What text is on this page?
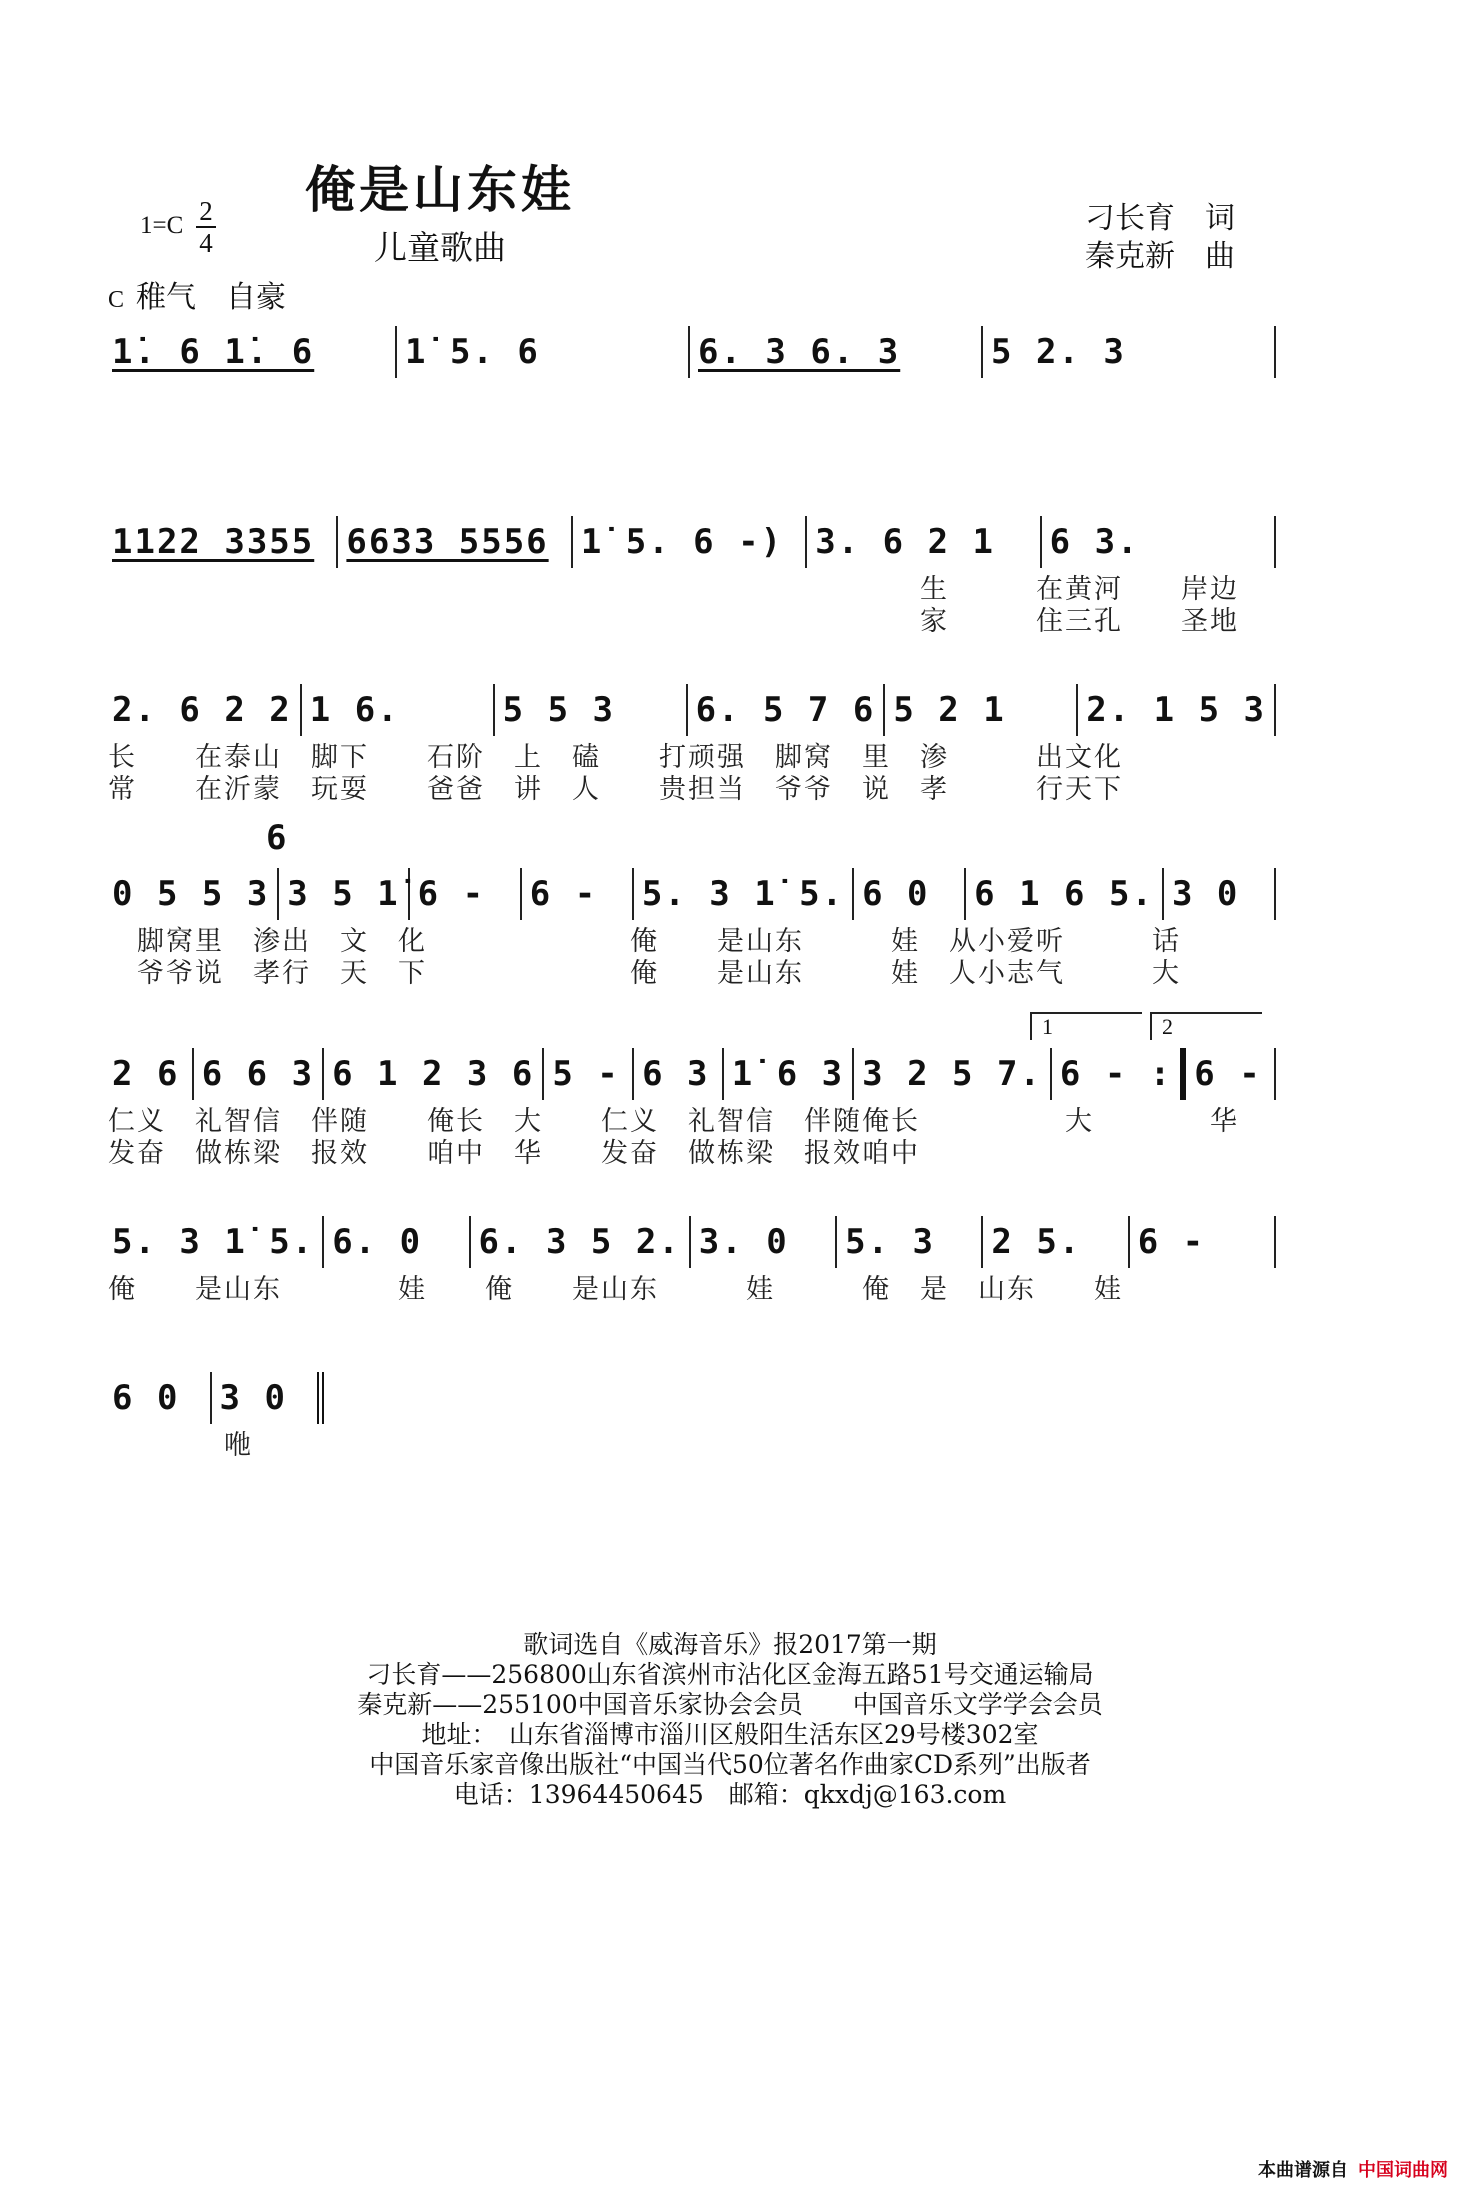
俺是山东娃
儿童歌曲
刁长育　词
秦克新　曲
1=C 2
4
C 稚气　自豪
1̇. 6 1̇. 6	1̇ 5. 6	6. 3 6. 3	5 2. 3
1122 3355 6633 5556 1̇ 5. 6 -) 3. 6 2 1	6 3.
　　　　　　　　　　　　　　　　　　　　　　　　　　　　生　　　在黄河　　岸边
　　　　　　　　　　　　　　　　　　　　　　　　　　　　家　　　住三孔　　圣地
2. 6 2 2 1 6.	5 5 3	6. 5 7 6 5 2 1	2. 1 5 3
长　　在泰山　脚下　　石阶　上　磕　　打顽强　脚窝　里　渗　　　出文化
常　　在沂蒙　玩耍　　爸爸　讲　人　　贵担当　爷爷　说　孝　　　行天下
6
0 5 5 3 3 5 1̇ 6 -	6 -	5. 3 1̇ 5. 6 0	6 1 6 5. 3 0
　脚窝里　渗出　文　化　　　　　　　俺　　是山东　　　娃　从小爱听　　　话
　爷爷说　孝行　天　下　　　　　　　俺　　是山东　　　娃　人小志气　　　大
1	2
2 6 6 6 3 6 1 2 3 6 5 - 6 3 1̇ 6 3 3 2 5 7. 6 - : 6 -
仁义　礼智信　伴随　　俺长　大　　仁义　礼智信　伴随俺长　　　　　大　　　　华
发奋　做栋梁　报效　　咱中　华　　发奋　做栋梁　报效咱中
5. 3 1̇ 5. 6. 0	6. 3 5 2. 3. 0	5. 3	2 5.	6 -
俺　　是山东　　　　娃　　俺　　是山东　　　娃　　　俺　是　山东　　娃
6 0	3 0
　　　　咃
歌词选自《威海音乐》报2017第一期
刁长育——256800山东省滨州市沾化区金海五路51号交通运输局
秦克新——255100中国音乐家协会会员　　中国音乐文学学会会员
地址：　山东省淄博市淄川区般阳生活东区29号楼302室
中国音乐家音像出版社“中国当代50位著名作曲家CD系列”出版者
电话：13964450645　邮箱：qkxdj@163.com
本曲谱源自 中国词曲网
